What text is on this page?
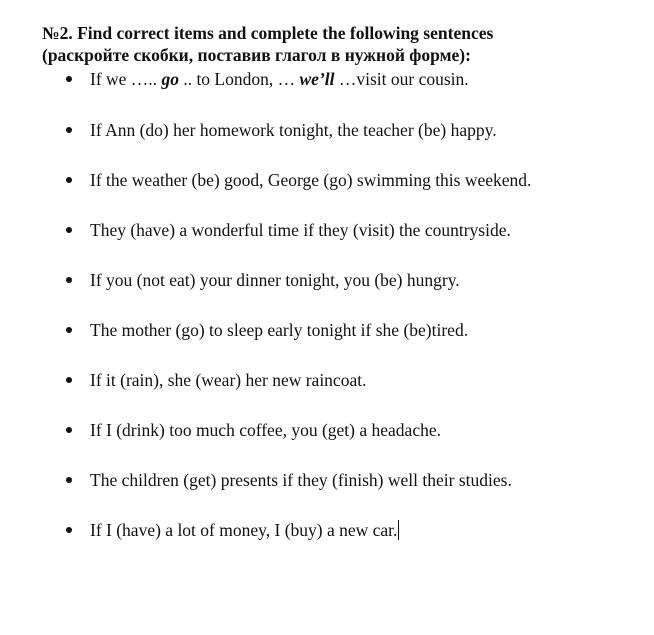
№2. Find correct items and complete the following sentences
(раскройте скобки, поставив глагол в нужной форме):
If we ….. go .. to London, … we’ll …visit our cousin.
If Ann (do) her homework tonight, the teacher (be) happy.
If the weather (be) good, George (go) swimming this weekend.
They (have) a wonderful time if they (visit) the countryside.
If you (not eat) your dinner tonight, you (be) hungry.
The mother (go) to sleep early tonight if she (be)tired.
If it (rain), she (wear) her new raincoat.
If I (drink) too much coffee, you (get) a headache.
The children (get) presents if they (finish) well their studies.
If I (have) a lot of money, I (buy) a new car.
